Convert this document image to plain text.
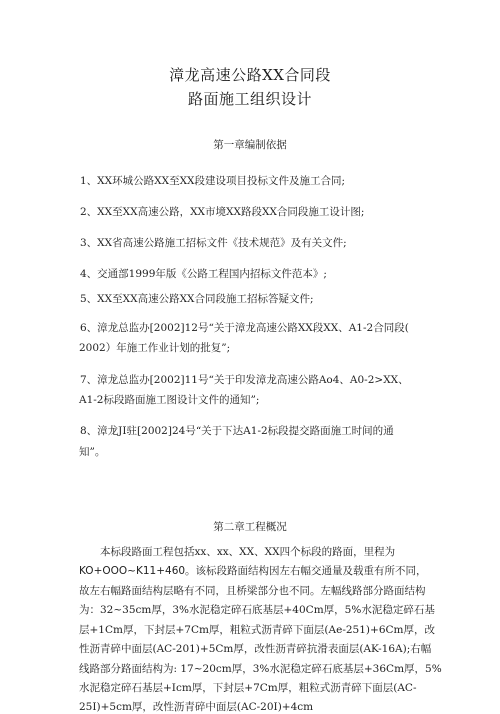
漳龙高速公路XX合同段
路面施工组织设计
第一章编制依据
1、XX环城公路XX至XX段建设项目投标文件及施工合同;
2、XX至XX高速公路，XX市境XX路段XX合同段施工设计图;
3、XX省高速公路施工招标文件《技术规范》及有关文件;
4、交通部1999年版《公路工程国内招标文件范本》;
5、XX至XX高速公路XX合同段施工招标答疑文件;
6、漳龙总监办[2002]12号“关于漳龙高速公路XX段XX、A1-2合同段(
2002）年施工作业计划的批复”;
7、漳龙总监办[2002]11号“关于印发漳龙高速公路Ao4、A0-2>XX、
A1-2标段路面施工图设计文件的通知”;
8、漳龙JI驻[2002]24号“关于下达A1-2标段提交路面施工时间的通
知”。
第二章工程概况
本标段路面工程包括xx、xx、XX、XX四个标段的路面，里程为
KO+OOO~K11+460。该标段路面结构因左右幅交通量及载重有所不同，
故左右幅路面结构层略有不同，且桥梁部分也不同。左幅线路部分路面结构
为：32~35cm厚，3%水泥稳定碎石底基层+40Cm厚，5%水泥稳定碎石基
层+1Cm厚，下封层+7Cm厚，粗粒式沥青碎下面层(Ae-251)+6Cm厚，改
性沥青碎中面层(AC-201)+5Cm厚，改性沥青碎抗滑表面层(AK-16A);右幅
线路部分路面结构为: 17~20cm厚，3%水泥稳定碎石底基层+36Cm厚，5%
水泥稳定碎石基层+Icm厚，下封层+7Cm厚，粗粒式沥青碎下面层(AC-
25I)+5cm厚，改性沥青碎中面层(AC-20I)+4cm
